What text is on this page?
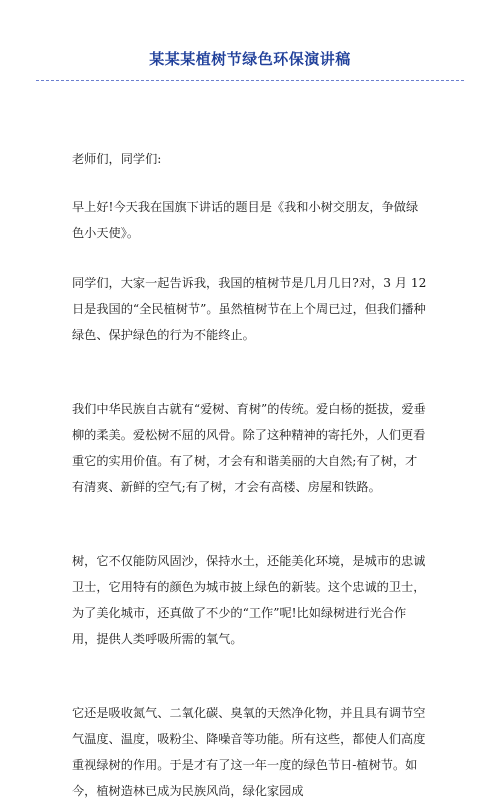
某某某植树节绿色环保演讲稿

老师们，同学们:

早上好!今天我在国旗下讲话的题目是《我和小树交朋友，争做绿色小天使》。

同学们，大家一起告诉我，我国的植树节是几月几日?对，3 月 12 日是我国的“全民植树节”。虽然植树节在上个周已过，但我们播种绿色、保护绿色的行为不能终止。

我们中华民族自古就有“爱树、育树”的传统。爱白杨的挺拔，爱垂柳的柔美。爱松树不屈的风骨。除了这种精神的寄托外，人们更看重它的实用价值。有了树，才会有和谐美丽的大自然;有了树，才有清爽、新鲜的空气;有了树，才会有高楼、房屋和铁路。

树，它不仅能防风固沙，保持水土，还能美化环境，是城市的忠诚卫士，它用特有的颜色为城市披上绿色的新装。这个忠诚的卫士，为了美化城市，还真做了不少的“工作”呢!比如绿树进行光合作用，提供人类呼吸所需的氧气。

它还是吸收氮气、二氧化碳、臭氧的天然净化物，并且具有调节空气温度、温度，吸粉尘、降噪音等功能。所有这些，都使人们高度重视绿树的作用。于是才有了这一年一度的绿色节日-植树节。如今，植树造林已成为民族风尚，绿化家园成
